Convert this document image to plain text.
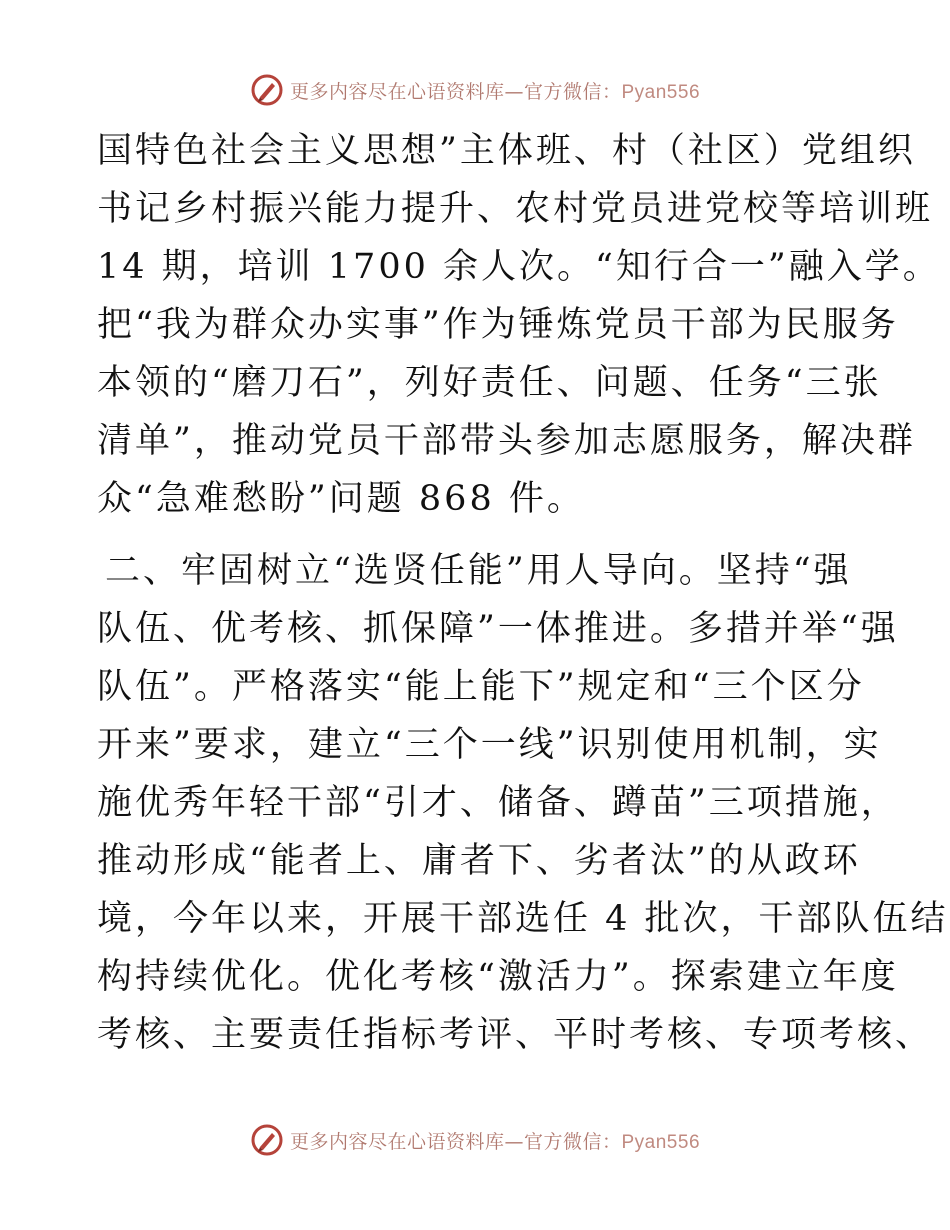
更多内容尽在心语资料库—官方微信：Pyan556
国特色社会主义思想”主体班、村（社区）党组织
书记乡村振兴能力提升、农村党员进党校等培训班
14 期，培训 1700 余人次。“知行合一”融入学。
把“我为群众办实事”作为锤炼党员干部为民服务
本领的“磨刀石”，列好责任、问题、任务“三张
清单”，推动党员干部带头参加志愿服务，解决群
众“急难愁盼”问题 868 件。
二、牢固树立“选贤任能”用人导向。坚持“强
队伍、优考核、抓保障”一体推进。多措并举“强
队伍”。严格落实“能上能下”规定和“三个区分
开来”要求，建立“三个一线”识别使用机制，实
施优秀年轻干部“引才、储备、蹲苗”三项措施，
推动形成“能者上、庸者下、劣者汰”的从政环
境，今年以来，开展干部选任 4 批次，干部队伍结
构持续优化。优化考核“激活力”。探索建立年度
考核、主要责任指标考评、平时考核、专项考核、
更多内容尽在心语资料库—官方微信：Pyan556
